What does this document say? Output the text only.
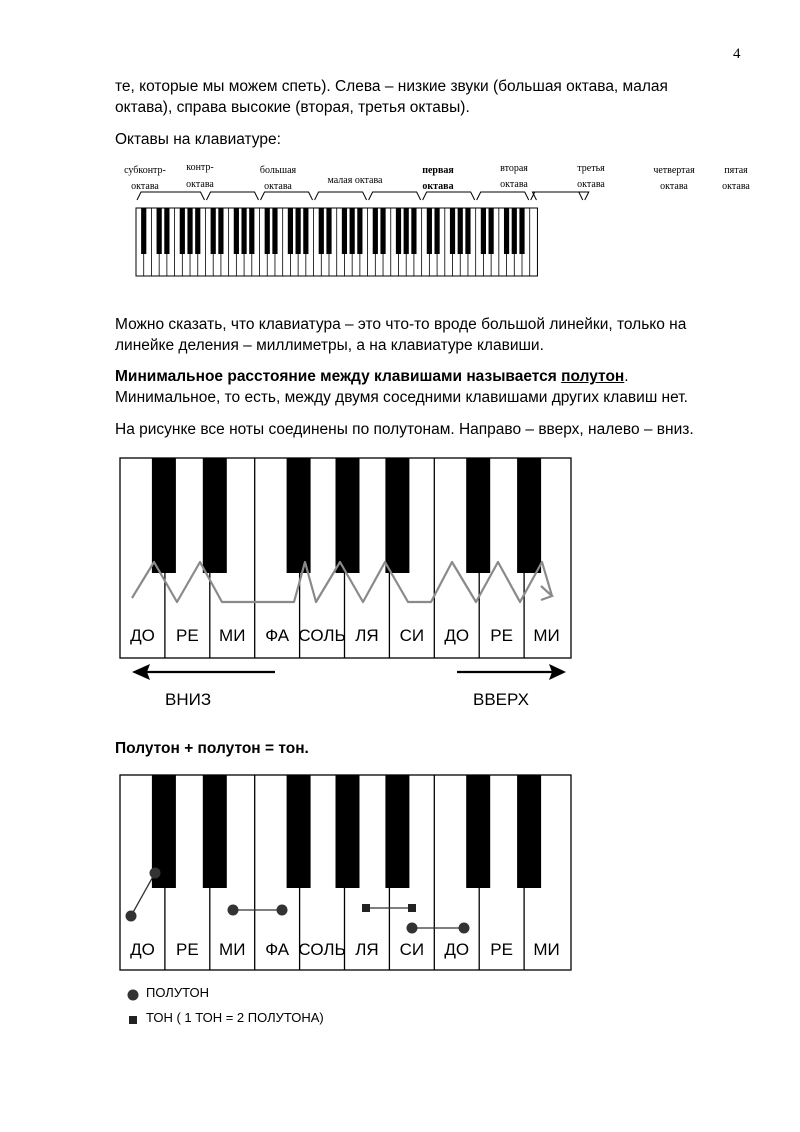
4
те, которые мы можем спеть). Слева – низкие звуки (большая октава, малая
октава), справа высокие (вторая, третья октавы).
Октавы на клавиатуре:
субконтр-
октава
контр-
октава
большая
октава
малая октава
первая
октава
вторая
октава
третья
октава
четвертая
октава
пятая
октава
Можно сказать, что клавиатура – это что-то вроде большой линейки, только на
линейке деления – миллиметры, а на клавиатуре клавиши.
Минимальное расстояние между клавишами называется полутон.
Минимальное, то есть, между двумя соседними клавишами других клавиш нет.
На рисунке все ноты соединены по полутонам. Направо – вверх, налево – вниз.
ДО РЕ МИ ФА СОЛЬ ЛЯ СИ ДО РЕ МИ
ВНИЗ	ВВЕРХ
Полутон + полутон = тон.
ДО РЕ МИ ФА СОЛЬ ЛЯ СИ ДО РЕ МИ
ПОЛУТОН
ТОН ( 1 ТОН = 2 ПОЛУТОНА)
